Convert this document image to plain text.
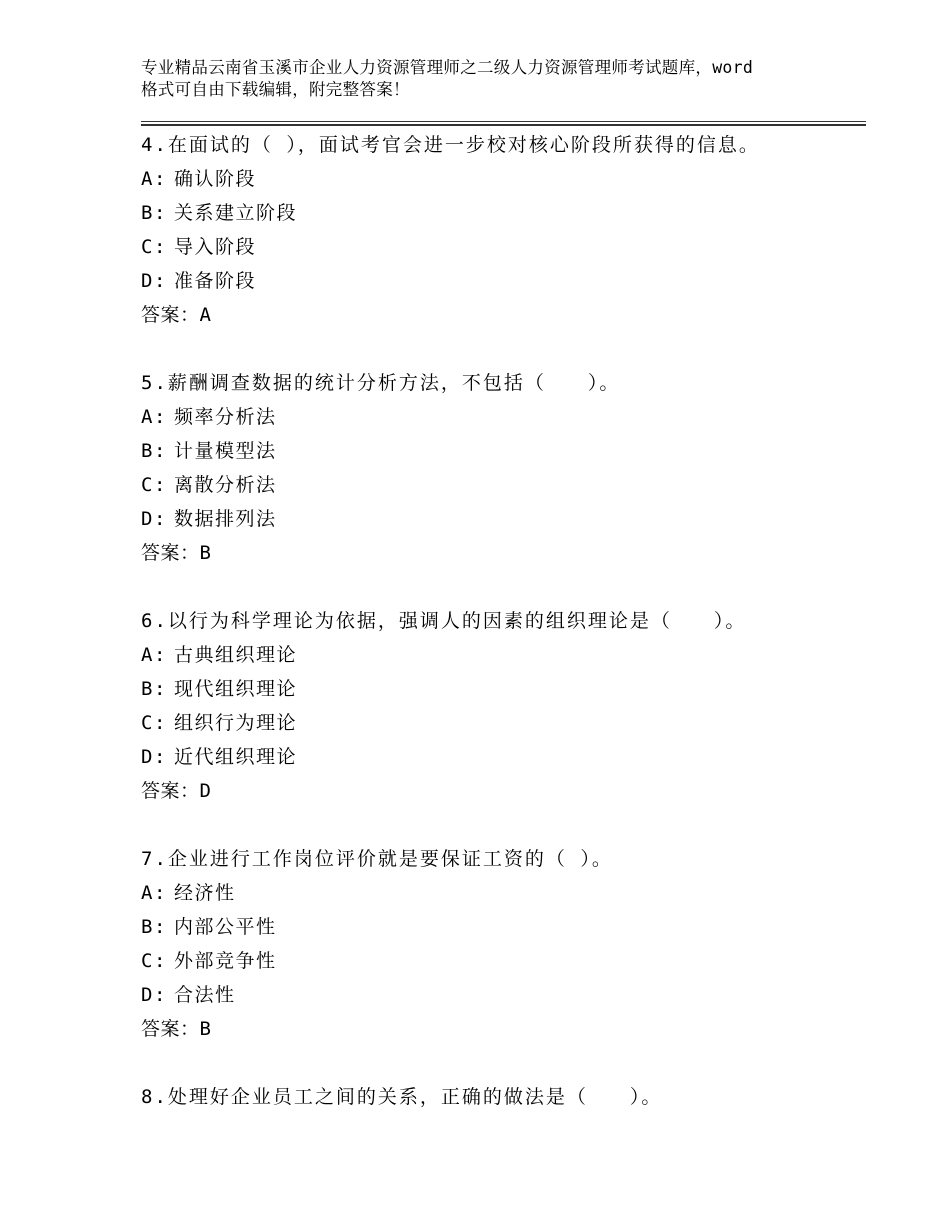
专业精品云南省玉溪市企业人力资源管理师之二级人力资源管理师考试题库，word
格式可自由下载编辑，附完整答案！
4.在面试的（ ），面试考官会进一步校对核心阶段所获得的信息。
A: 确认阶段
B: 关系建立阶段
C: 导入阶段
D: 准备阶段
答案：A
5.薪酬调查数据的统计分析方法，不包括（　　）。
A: 频率分析法
B: 计量模型法
C: 离散分析法
D: 数据排列法
答案：B
6.以行为科学理论为依据，强调人的因素的组织理论是（　　）。
A: 古典组织理论
B: 现代组织理论
C: 组织行为理论
D: 近代组织理论
答案：D
7.企业进行工作岗位评价就是要保证工资的（ ）。
A: 经济性
B: 内部公平性
C: 外部竞争性
D: 合法性
答案：B
8.处理好企业员工之间的关系，正确的做法是（　　）。
